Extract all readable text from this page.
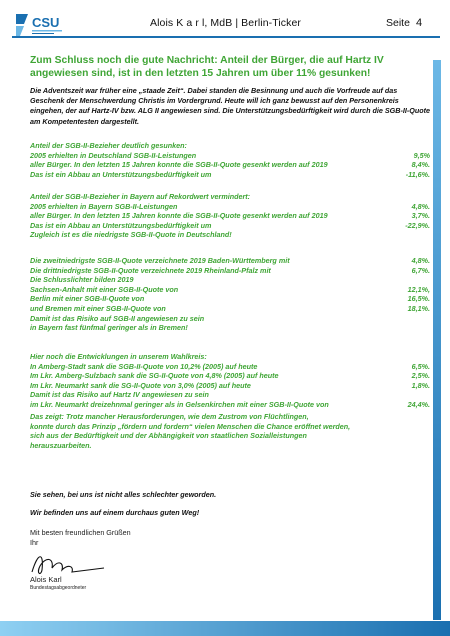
CSU	Alois K a r l, MdB | Berlin-Ticker	Seite 4
Zum Schluss noch die gute Nachricht: Anteil der Bürger, die auf Hartz IV angewiesen sind, ist in den letzten 15 Jahren um über 11% gesunken!
Die Adventszeit war früher eine „staade Zeit“. Dabei standen die Besinnung und auch die Vorfreude auf das Geschenk der Menschwerdung Christis im Vordergrund. Heute will ich ganz bewusst auf den Personenkreis eingehen, der auf Hartz-IV bzw. ALG II angewiesen sind. Die Unterstützungsbedürftigkeit wird durch die SGB-II-Quote am Kompetentesten dargestellt.
Anteil der SGB-II-Bezieher deutlich gesunken:
2005 erhielten in Deutschland SGB-II-Leistungen	9,5%
aller Bürger. In den letzten 15 Jahren konnte die SGB-II-Quote gesenkt werden auf 2019	8,4%.
Das ist ein Abbau an Unterstützungsbedürftigkeit um	-11,6%.
Anteil der SGB-II-Bezieher in Bayern auf Rekordwert vermindert:
2005 erhielten in Bayern SGB-II-Leistungen	4,8%.
aller Bürger. In den letzten 15 Jahren konnte die SGB-II-Quote gesenkt werden auf 2019	3,7%.
Das ist ein Abbau an Unterstützungsbedürftigkeit um	-22,9%.
Zugleich ist es die niedrigste SGB-II-Quote in Deutschland!
Die zweitniedrigste SGB-II-Quote verzeichnete 2019 Baden-Württemberg mit	4,8%.
Die drittniedrigste SGB-II-Quote verzeichnete 2019 Rheinland-Pfalz mit	6,7%.
Die Schlusslichter bilden 2019
Sachsen-Anhalt mit einer SGB-II-Quote von	12,1%,
Berlin mit einer SGB-II-Quote von	16,5%.
und Bremen mit einer SGB-II-Quote von	18,1%.
Damit ist das Risiko auf SGB-II angewiesen zu sein
in Bayern fast fünfmal geringer als in Bremen!
Hier noch die Entwicklungen in unserem Wahlkreis:
In Amberg-Stadt sank die SGB-II-Quote von 10,2% (2005) auf heute	6,5%.
Im Lkr. Amberg-Sulzbach sank die SG-II-Quote von 4,8% (2005) auf heute	2,5%.
Im Lkr. Neumarkt sank die SG-II-Quote von 3,0% (2005) auf heute	1,8%.
Damit ist das Risiko auf Hartz IV angewiesen zu sein
im Lkr. Neumarkt dreizehnmal geringer als in Gelsenkirchen mit einer SGB-II-Quote von	24,4%.
Das zeigt: Trotz mancher Herausforderungen, wie dem Zustrom von Flüchtlingen,
konnte durch das Prinzip „fördern und fordern“ vielen Menschen die Chance eröffnet werden,
sich aus der Bedürftigkeit und der Abhängigkeit von staatlichen Sozialleistungen
herauszuarbeiten.
Sie sehen, bei uns ist nicht alles schlechter geworden.
Wir befinden uns auf einem durchaus guten Weg!
Mit besten freundlichen Grüßen
Ihr
Alois Karl
Bundestagsabgeordneter
